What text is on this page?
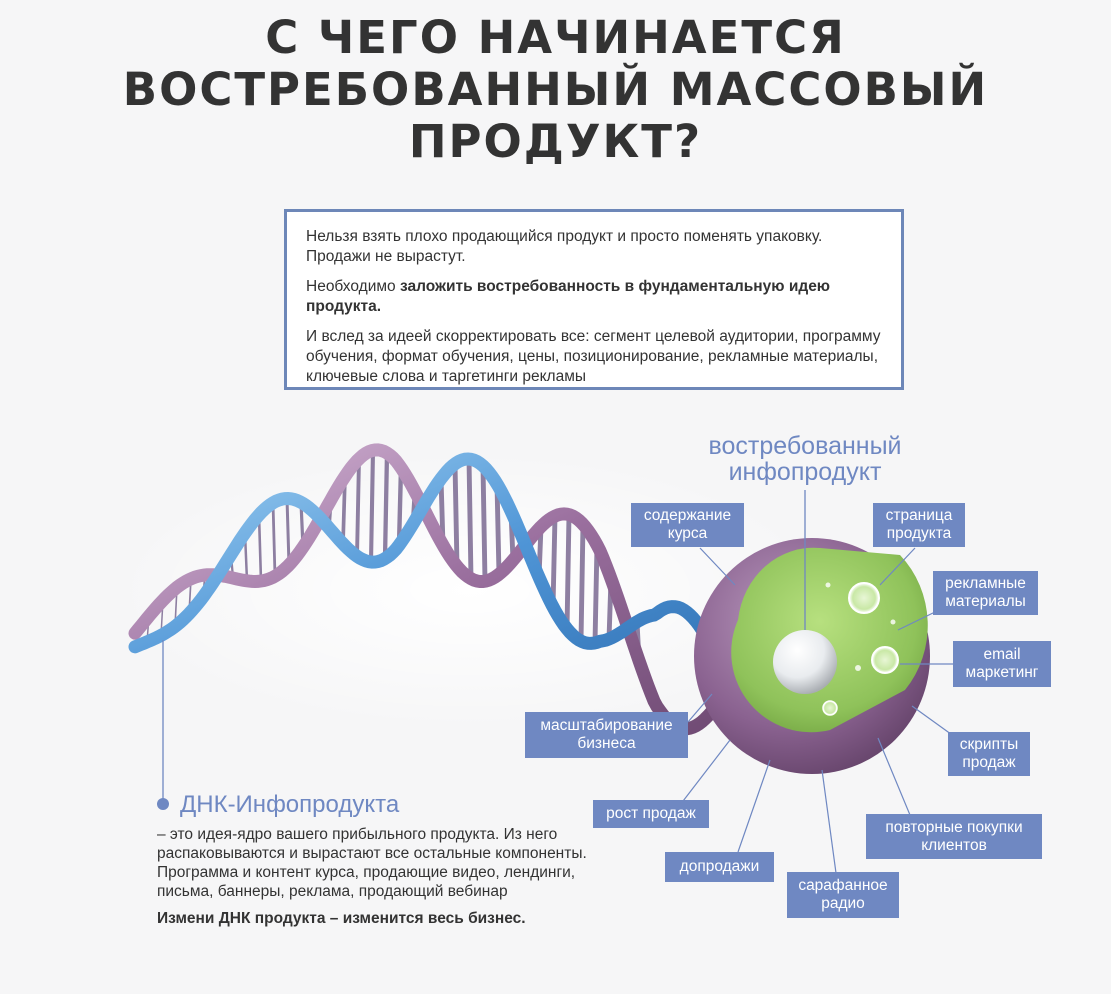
С ЧЕГО НАЧИНАЕТСЯ
ВОСТРЕБОВАННЫЙ МАССОВЫЙ
ПРОДУКТ?

Нельзя взять плохо продающийся продукт и просто поменять упаковку. Продажи не вырастут.

Необходимо заложить востребованность в фундаментальную идею продукта.

И вслед за идеей скорректировать все: сегмент целевой аудитории, программу обучения, формат обучения, цены, позиционирование, рекламные материалы, ключевые слова и таргетинги рекламы

востребованный инфопродукт
содержание курса
страница продукта
рекламные материалы
email маркетинг
скрипты продаж
повторные покупки клиентов
сарафанное радио
допродажи
рост продаж
масштабирование бизнеса
ДНК-Инфопродукта

– это идея-ядро вашего прибыльного продукта. Из него распаковываются и вырастают все остальные компоненты. Программа и контент курса, продающие видео, лендинги, письма, баннеры, реклама, продающий вебинар

Измени ДНК продукта – изменится весь бизнес.
